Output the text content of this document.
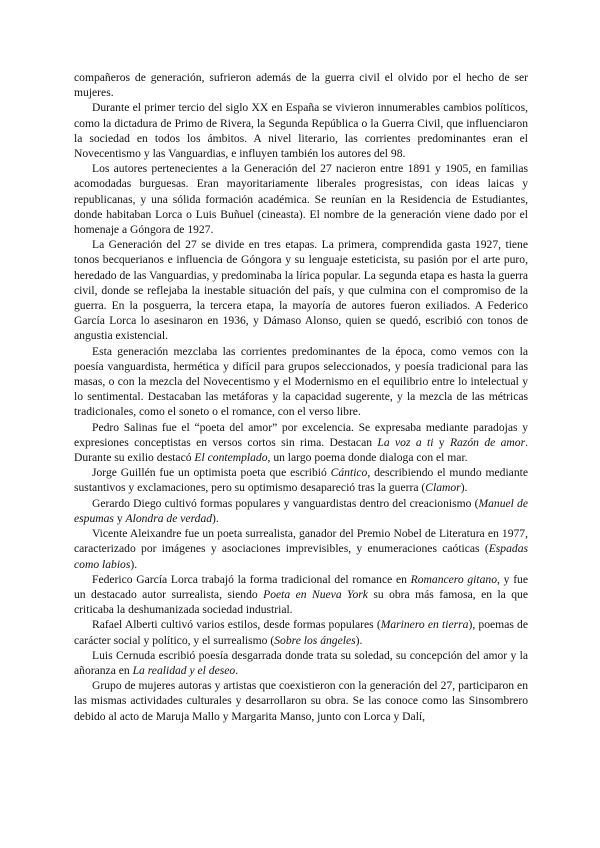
compañeros de generación, sufrieron además de la guerra civil el olvido por el hecho de ser mujeres.

Durante el primer tercio del siglo XX en España se vivieron innumerables cambios políticos, como la dictadura de Primo de Rivera, la Segunda República o la Guerra Civil, que influenciaron la sociedad en todos los ámbitos. A nivel literario, las corrientes predominantes eran el Novecentismo y las Vanguardias, e influyen también los autores del 98.

Los autores pertenecientes a la Generación del 27 nacieron entre 1891 y 1905, en familias acomodadas burguesas. Eran mayoritariamente liberales progresistas, con ideas laicas y republicanas, y una sólida formación académica. Se reunían en la Residencia de Estudiantes, donde habitaban Lorca o Luis Buñuel (cineasta). El nombre de la generación viene dado por el homenaje a Góngora de 1927.

La Generación del 27 se divide en tres etapas. La primera, comprendida gasta 1927, tiene tonos becquerianos e influencia de Góngora y su lenguaje esteticista, su pasión por el arte puro, heredado de las Vanguardias, y predominaba la lírica popular. La segunda etapa es hasta la guerra civil, donde se reflejaba la inestable situación del país, y que culmina con el compromiso de la guerra. En la posguerra, la tercera etapa, la mayoría de autores fueron exiliados. A Federico García Lorca lo asesinaron en 1936, y Dámaso Alonso, quien se quedó, escribió con tonos de angustia existencial.

Esta generación mezclaba las corrientes predominantes de la época, como vemos con la poesía vanguardista, hermética y difícil para grupos seleccionados, y poesía tradicional para las masas, o con la mezcla del Novecentismo y el Modernismo en el equilibrio entre lo intelectual y lo sentimental. Destacaban las metáforas y la capacidad sugerente, y la mezcla de las métricas tradicionales, como el soneto o el romance, con el verso libre.

Pedro Salinas fue el “poeta del amor” por excelencia. Se expresaba mediante paradojas y expresiones conceptistas en versos cortos sin rima. Destacan La voz a ti y Razón de amor. Durante su exilio destacó El contemplado, un largo poema donde dialoga con el mar.

Jorge Guillén fue un optimista poeta que escribió Cántico, describiendo el mundo mediante sustantivos y exclamaciones, pero su optimismo desapareció tras la guerra (Clamor).

Gerardo Diego cultivó formas populares y vanguardistas dentro del creacionismo (Manuel de espumas y Alondra de verdad).

Vicente Aleixandre fue un poeta surrealista, ganador del Premio Nobel de Literatura en 1977, caracterizado por imágenes y asociaciones imprevisibles, y enumeraciones caóticas (Espadas como labios).

Federico García Lorca trabajó la forma tradicional del romance en Romancero gitano, y fue un destacado autor surrealista, siendo Poeta en Nueva York su obra más famosa, en la que criticaba la deshumanizada sociedad industrial.

Rafael Alberti cultivó varios estilos, desde formas populares (Marinero en tierra), poemas de carácter social y político, y el surrealismo (Sobre los ángeles).

Luis Cernuda escribió poesía desgarrada donde trata su soledad, su concepción del amor y la añoranza en La realidad y el deseo.

Grupo de mujeres autoras y artistas que coexistieron con la generación del 27, participaron en las mismas actividades culturales y desarrollaron su obra. Se las conoce como las Sinsombrero debido al acto de Maruja Mallo y Margarita Manso, junto con Lorca y Dalí,
